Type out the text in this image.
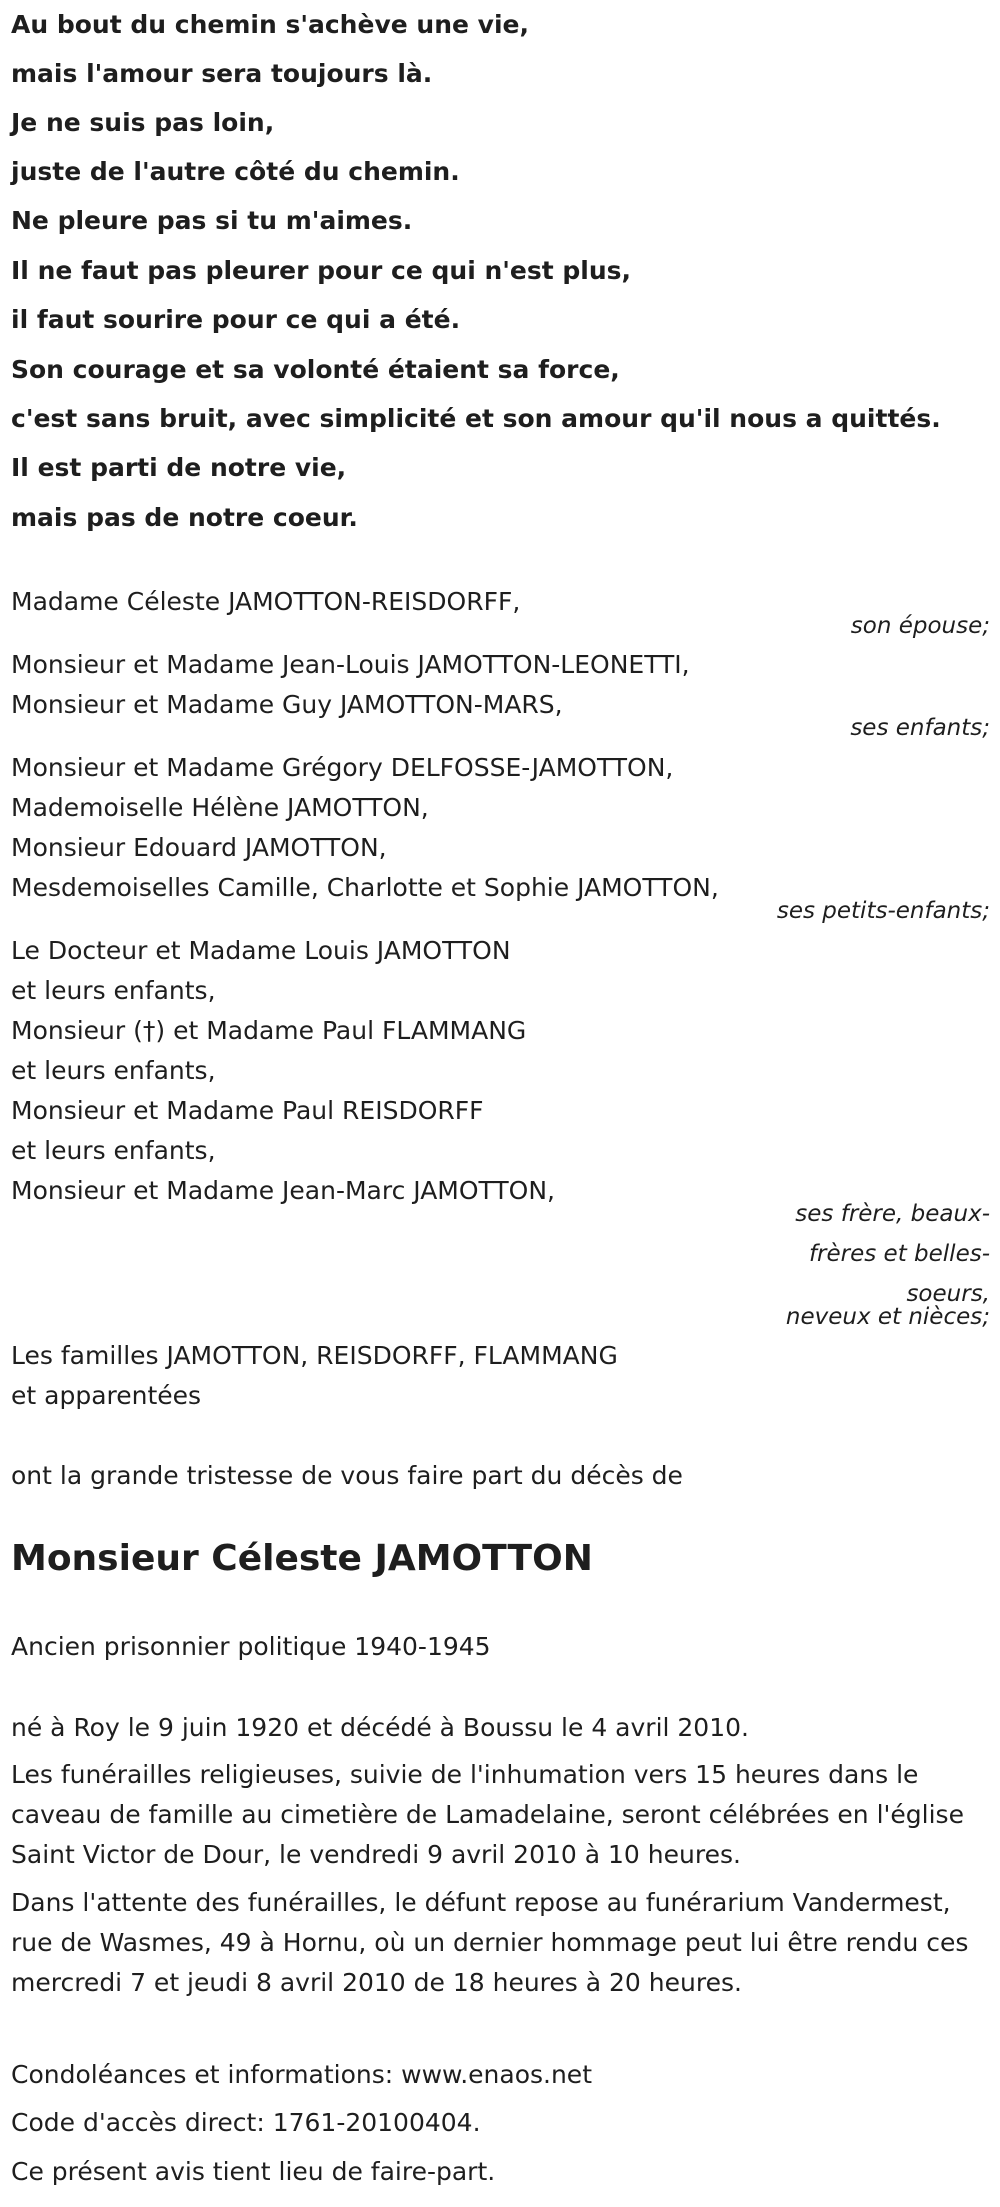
Au bout du chemin s'achève une vie,
mais l'amour sera toujours là.
Je ne suis pas loin,
juste de l'autre côté du chemin.
Ne pleure pas si tu m'aimes.
Il ne faut pas pleurer pour ce qui n'est plus,
il faut sourire pour ce qui a été.
Son courage et sa volonté étaient sa force,
c'est sans bruit, avec simplicité et son amour qu'il nous a quittés.
Il est parti de notre vie,
mais pas de notre coeur.
Madame Céleste JAMOTTON-REISDORFF,
son épouse;
Monsieur et Madame Jean-Louis JAMOTTON-LEONETTI,
Monsieur et Madame Guy JAMOTTON-MARS,
ses enfants;
Monsieur et Madame Grégory DELFOSSE-JAMOTTON,
Mademoiselle Hélène JAMOTTON,
Monsieur Edouard JAMOTTON,
Mesdemoiselles Camille, Charlotte et Sophie JAMOTTON,
ses petits-enfants;
Le Docteur et Madame Louis JAMOTTON
et leurs enfants,
Monsieur (†) et Madame Paul FLAMMANG
et leurs enfants,
Monsieur et Madame Paul REISDORFF
et leurs enfants,
Monsieur et Madame Jean-Marc JAMOTTON,
ses frère, beaux-
frères et belles-
soeurs,
neveux et nièces;
Les familles JAMOTTON, REISDORFF, FLAMMANG
et apparentées
ont la grande tristesse de vous faire part du décès de
Monsieur Céleste JAMOTTON
Ancien prisonnier politique 1940-1945
né à Roy le 9 juin 1920 et décédé à Boussu le 4 avril 2010.
Les funérailles religieuses, suivie de l'inhumation vers 15 heures dans le caveau de famille au cimetière de Lamadelaine, seront célébrées en l'église Saint Victor de Dour, le vendredi 9 avril 2010 à 10 heures.
Dans l'attente des funérailles, le défunt repose au funérarium Vandermest, rue de Wasmes, 49 à Hornu, où un dernier hommage peut lui être rendu ces mercredi 7 et jeudi 8 avril 2010 de 18 heures à 20 heures.
Condoléances et informations: www.enaos.net
Code d'accès direct: 1761-20100404.
Ce présent avis tient lieu de faire-part.
